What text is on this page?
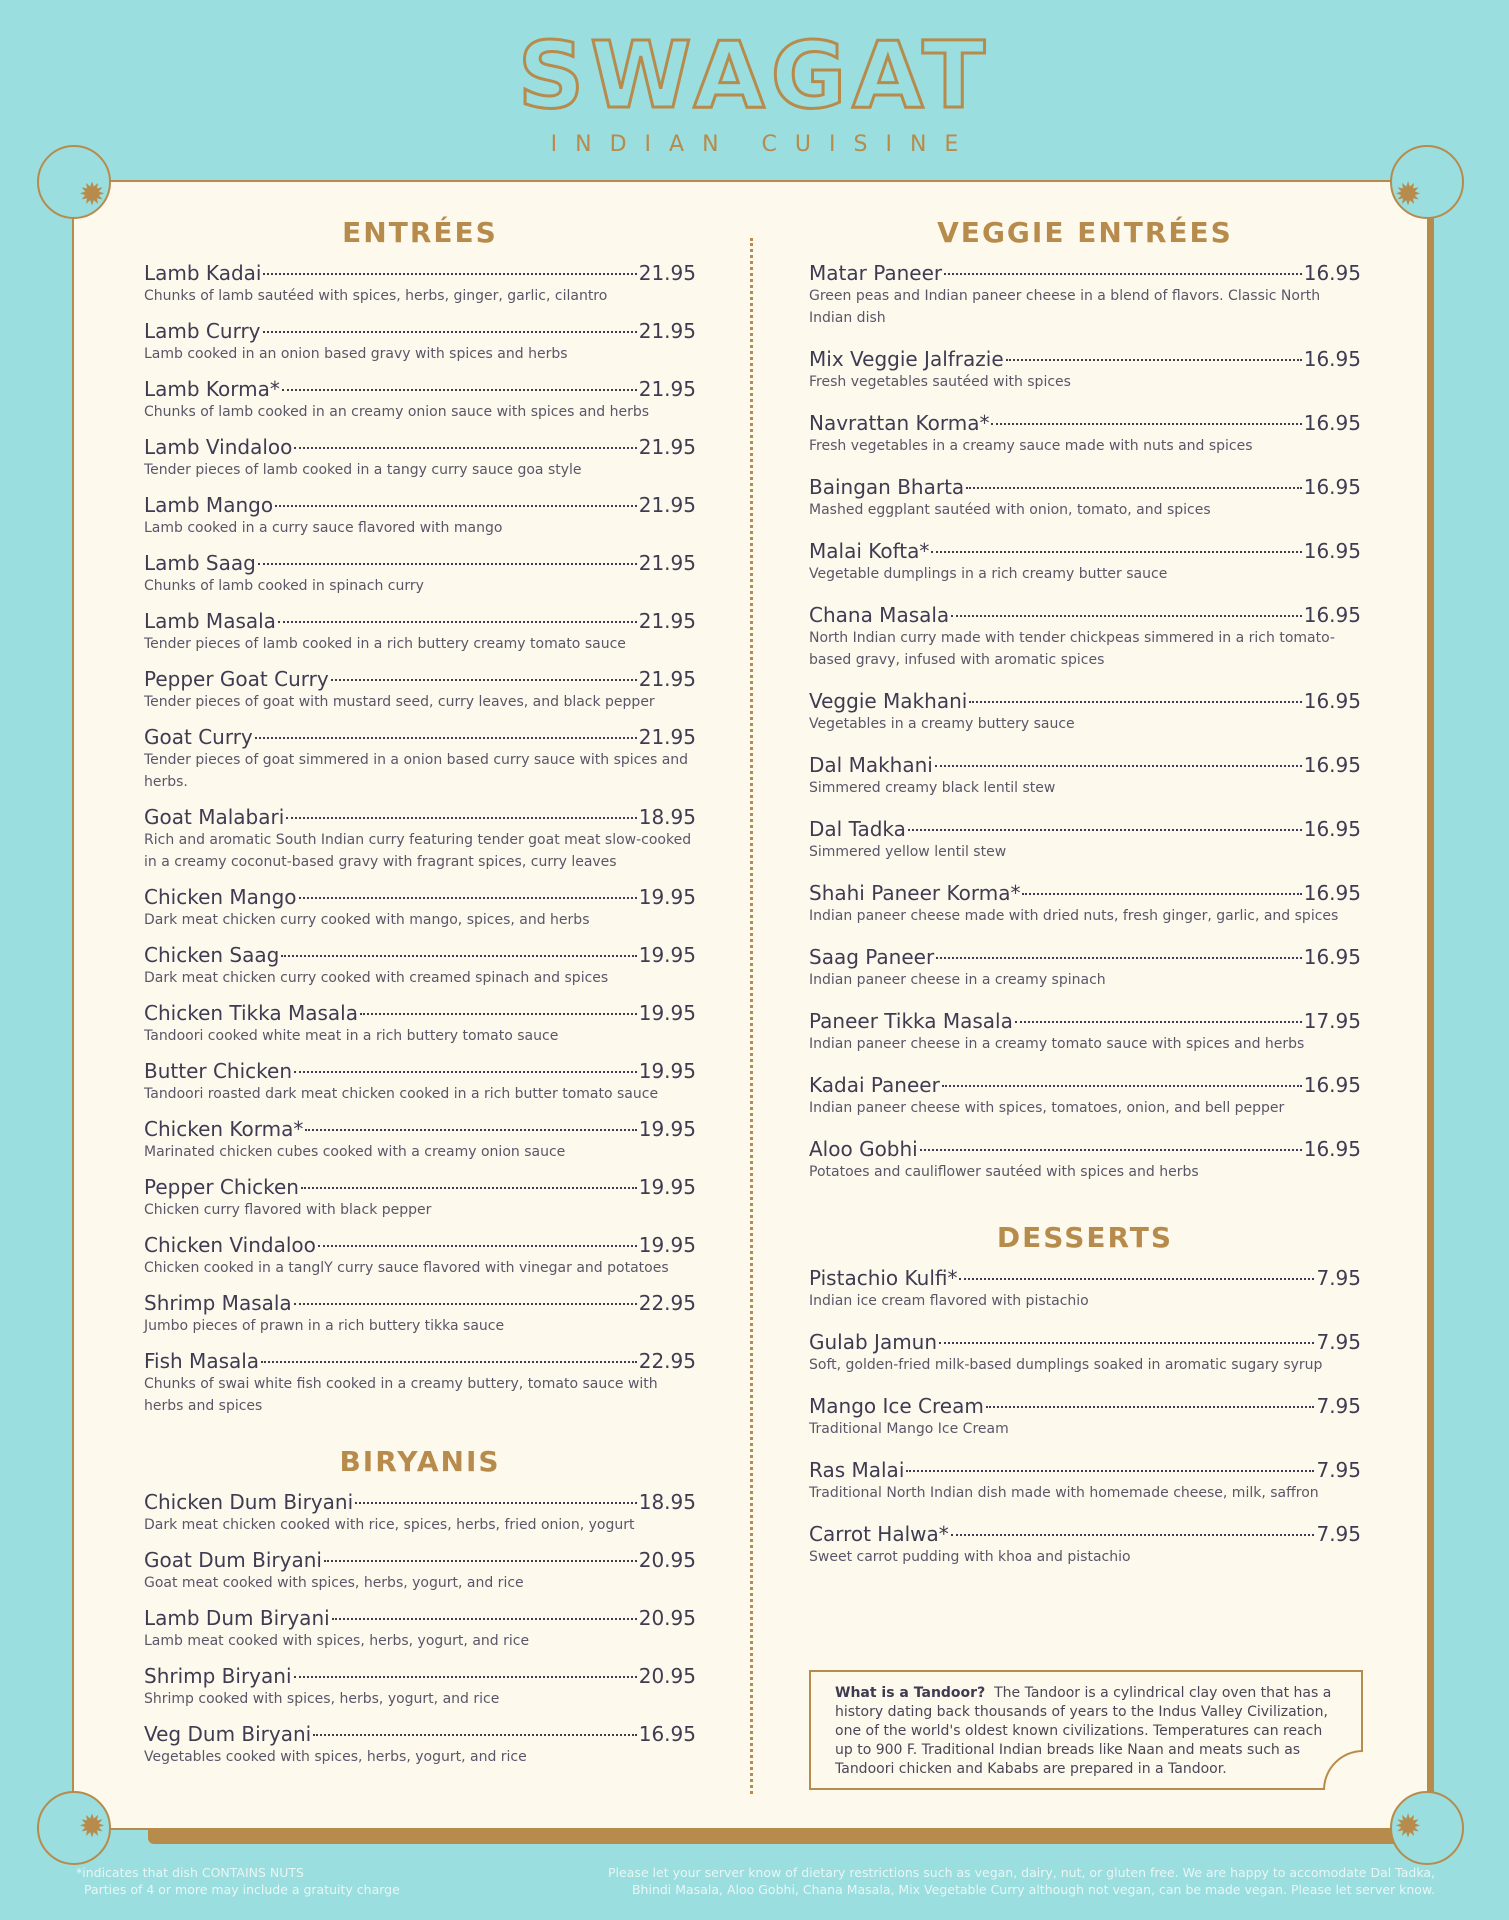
SWAGAT
INDIAN CUISINE
✹	✹
✹	✹
ENTRÉES
Lamb Kadai	21.95
Chunks of lamb sautéed with spices, herbs, ginger, garlic, cilantro
Lamb Curry	21.95
Lamb cooked in an onion based gravy with spices and herbs
Lamb Korma*	21.95
Chunks of lamb cooked in an creamy onion sauce with spices and herbs
Lamb Vindaloo	21.95
Tender pieces of lamb cooked in a tangy curry sauce goa style
Lamb Mango	21.95
Lamb cooked in a curry sauce flavored with mango
Lamb Saag	21.95
Chunks of lamb cooked in spinach curry
Lamb Masala	21.95
Tender pieces of lamb cooked in a rich buttery creamy tomato sauce
Pepper Goat Curry	21.95
Tender pieces of goat with mustard seed, curry leaves, and black pepper
Goat Curry	21.95
Tender pieces of goat simmered in a onion based curry sauce with spices and herbs.
Goat Malabari	18.95
Rich and aromatic South Indian curry featuring tender goat meat slow-cooked in a creamy coconut-based gravy with fragrant spices, curry leaves
Chicken Mango	19.95
Dark meat chicken curry cooked with mango, spices, and herbs
Chicken Saag	19.95
Dark meat chicken curry cooked with creamed spinach and spices
Chicken Tikka Masala	19.95
Tandoori cooked white meat in a rich buttery tomato sauce
Butter Chicken	19.95
Tandoori roasted dark meat chicken cooked in a rich butter tomato sauce
Chicken Korma*	19.95
Marinated chicken cubes cooked with a creamy onion sauce
Pepper Chicken	19.95
Chicken curry flavored with black pepper
Chicken Vindaloo	19.95
Chicken cooked in a tanglY curry sauce flavored with vinegar and potatoes
Shrimp Masala	22.95
Jumbo pieces of prawn in a rich buttery tikka sauce
Fish Masala	22.95
Chunks of swai white fish cooked in a creamy buttery, tomato sauce with herbs and spices
BIRYANIS
Chicken Dum Biryani	18.95
Dark meat chicken cooked with rice, spices, herbs, fried onion, yogurt
Goat Dum Biryani	20.95
Goat meat cooked with spices, herbs, yogurt, and rice
Lamb Dum Biryani	20.95
Lamb meat cooked with spices, herbs, yogurt, and rice
Shrimp Biryani	20.95
Shrimp cooked with spices, herbs, yogurt, and rice
Veg Dum Biryani	16.95
Vegetables cooked with spices, herbs, yogurt, and rice
VEGGIE ENTRÉES
Matar Paneer	16.95
Green peas and Indian paneer cheese in a blend of flavors. Classic North Indian dish
Mix Veggie Jalfrazie	16.95
Fresh vegetables sautéed with spices
Navrattan Korma*	16.95
Fresh vegetables in a creamy sauce made with nuts and spices
Baingan Bharta	16.95
Mashed eggplant sautéed with onion, tomato, and spices
Malai Kofta*	16.95
Vegetable dumplings in a rich creamy butter sauce
Chana Masala	16.95
North Indian curry made with tender chickpeas simmered in a rich tomato-based gravy, infused with aromatic spices
Veggie Makhani	16.95
Vegetables in a creamy buttery sauce
Dal Makhani	16.95
Simmered creamy black lentil stew
Dal Tadka	16.95
Simmered yellow lentil stew
Shahi Paneer Korma*	16.95
Indian paneer cheese made with dried nuts, fresh ginger, garlic, and spices
Saag Paneer	16.95
Indian paneer cheese in a creamy spinach
Paneer Tikka Masala	17.95
Indian paneer cheese in a creamy tomato sauce with spices and herbs
Kadai Paneer	16.95
Indian paneer cheese with spices, tomatoes, onion, and bell pepper
Aloo Gobhi	16.95
Potatoes and cauliflower sautéed with spices and herbs
DESSERTS
Pistachio Kulfi*	7.95
Indian ice cream flavored with pistachio
Gulab Jamun	7.95
Soft, golden-fried milk-based dumplings soaked in aromatic sugary syrup
Mango Ice Cream	7.95
Traditional Mango Ice Cream
Ras Malai	7.95
Traditional North Indian dish made with homemade cheese, milk, saffron
Carrot Halwa*	7.95
Sweet carrot pudding with khoa and pistachio
What is a Tandoor? The Tandoor is a cylindrical clay oven that has a history dating back thousands of years to the Indus Valley Civilization, one of the world's oldest known civilizations. Temperatures can reach up to 900 F. Traditional Indian breads like Naan and meats such as Tandoori chicken and Kababs are prepared in a Tandoor.
*indicates that dish CONTAINS NUTS
Parties of 4 or more may include a gratuity charge
Please let your server know of dietary restrictions such as vegan, dairy, nut, or gluten free. We are happy to accomodate Dal Tadka,
Bhindi Masala, Aloo Gobhi, Chana Masala, Mix Vegetable Curry although not vegan, can be made vegan. Please let server know.
